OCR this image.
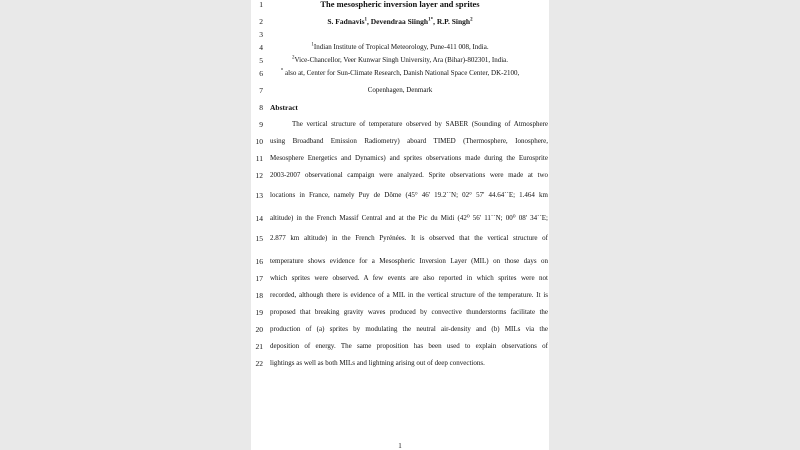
1
2
3
4
5
6
7
8
9
10
11
12
13
14
15
16
17
18
19
20
21
22
The mesospheric inversion layer and sprites
S. Fadnavis$^1$, Devendraa Siingh$^{1*}$, R.P. Singh$^2$
$^1$Indian Institute of Tropical Meteorology, Pune-411 008, India.
$^2$Vice-Chancellor, Veer Kunwar Singh University, Ara (Bihar)-802301, India.
* also at, Center for Sun-Climate Research, Danish National Space Center, DK-2100,
Copenhagen, Denmark
Abstract
The vertical structure of temperature observed by SABER (Sounding of Atmosphere
using Broadband Emission Radiometry) aboard TIMED (Thermosphere, Ionosphere,
Mesosphere Energetics and Dynamics) and sprites observations made during the Eurosprite
2003-2007 observational campaign were analyzed. Sprite observations were made at two
locations in France, namely Puy de Dôme (45° 46' 19.2``N; 02° 57' 44.64``E; 1.464 km
altitude) in the French Massif Central and at the Pic du Midi (42⁰ 56' 11``N; 00⁰ 08' 34``E;
2.877 km altitude) in the French Pyrénées. It is observed that the vertical structure of
temperature shows evidence for a Mesospheric Inversion Layer (MIL) on those days on
which sprites were observed. A few events are also reported in which sprites were not
recorded, although there is evidence of a MIL in the vertical structure of the temperature. It is
proposed that breaking gravity waves produced by convective thunderstorms facilitate the
production of (a) sprites by modulating the neutral air-density and (b) MILs via the
deposition of energy. The same proposition has been used to explain observations of
lightings as well as both MILs and lightning arising out of deep convections.
1
